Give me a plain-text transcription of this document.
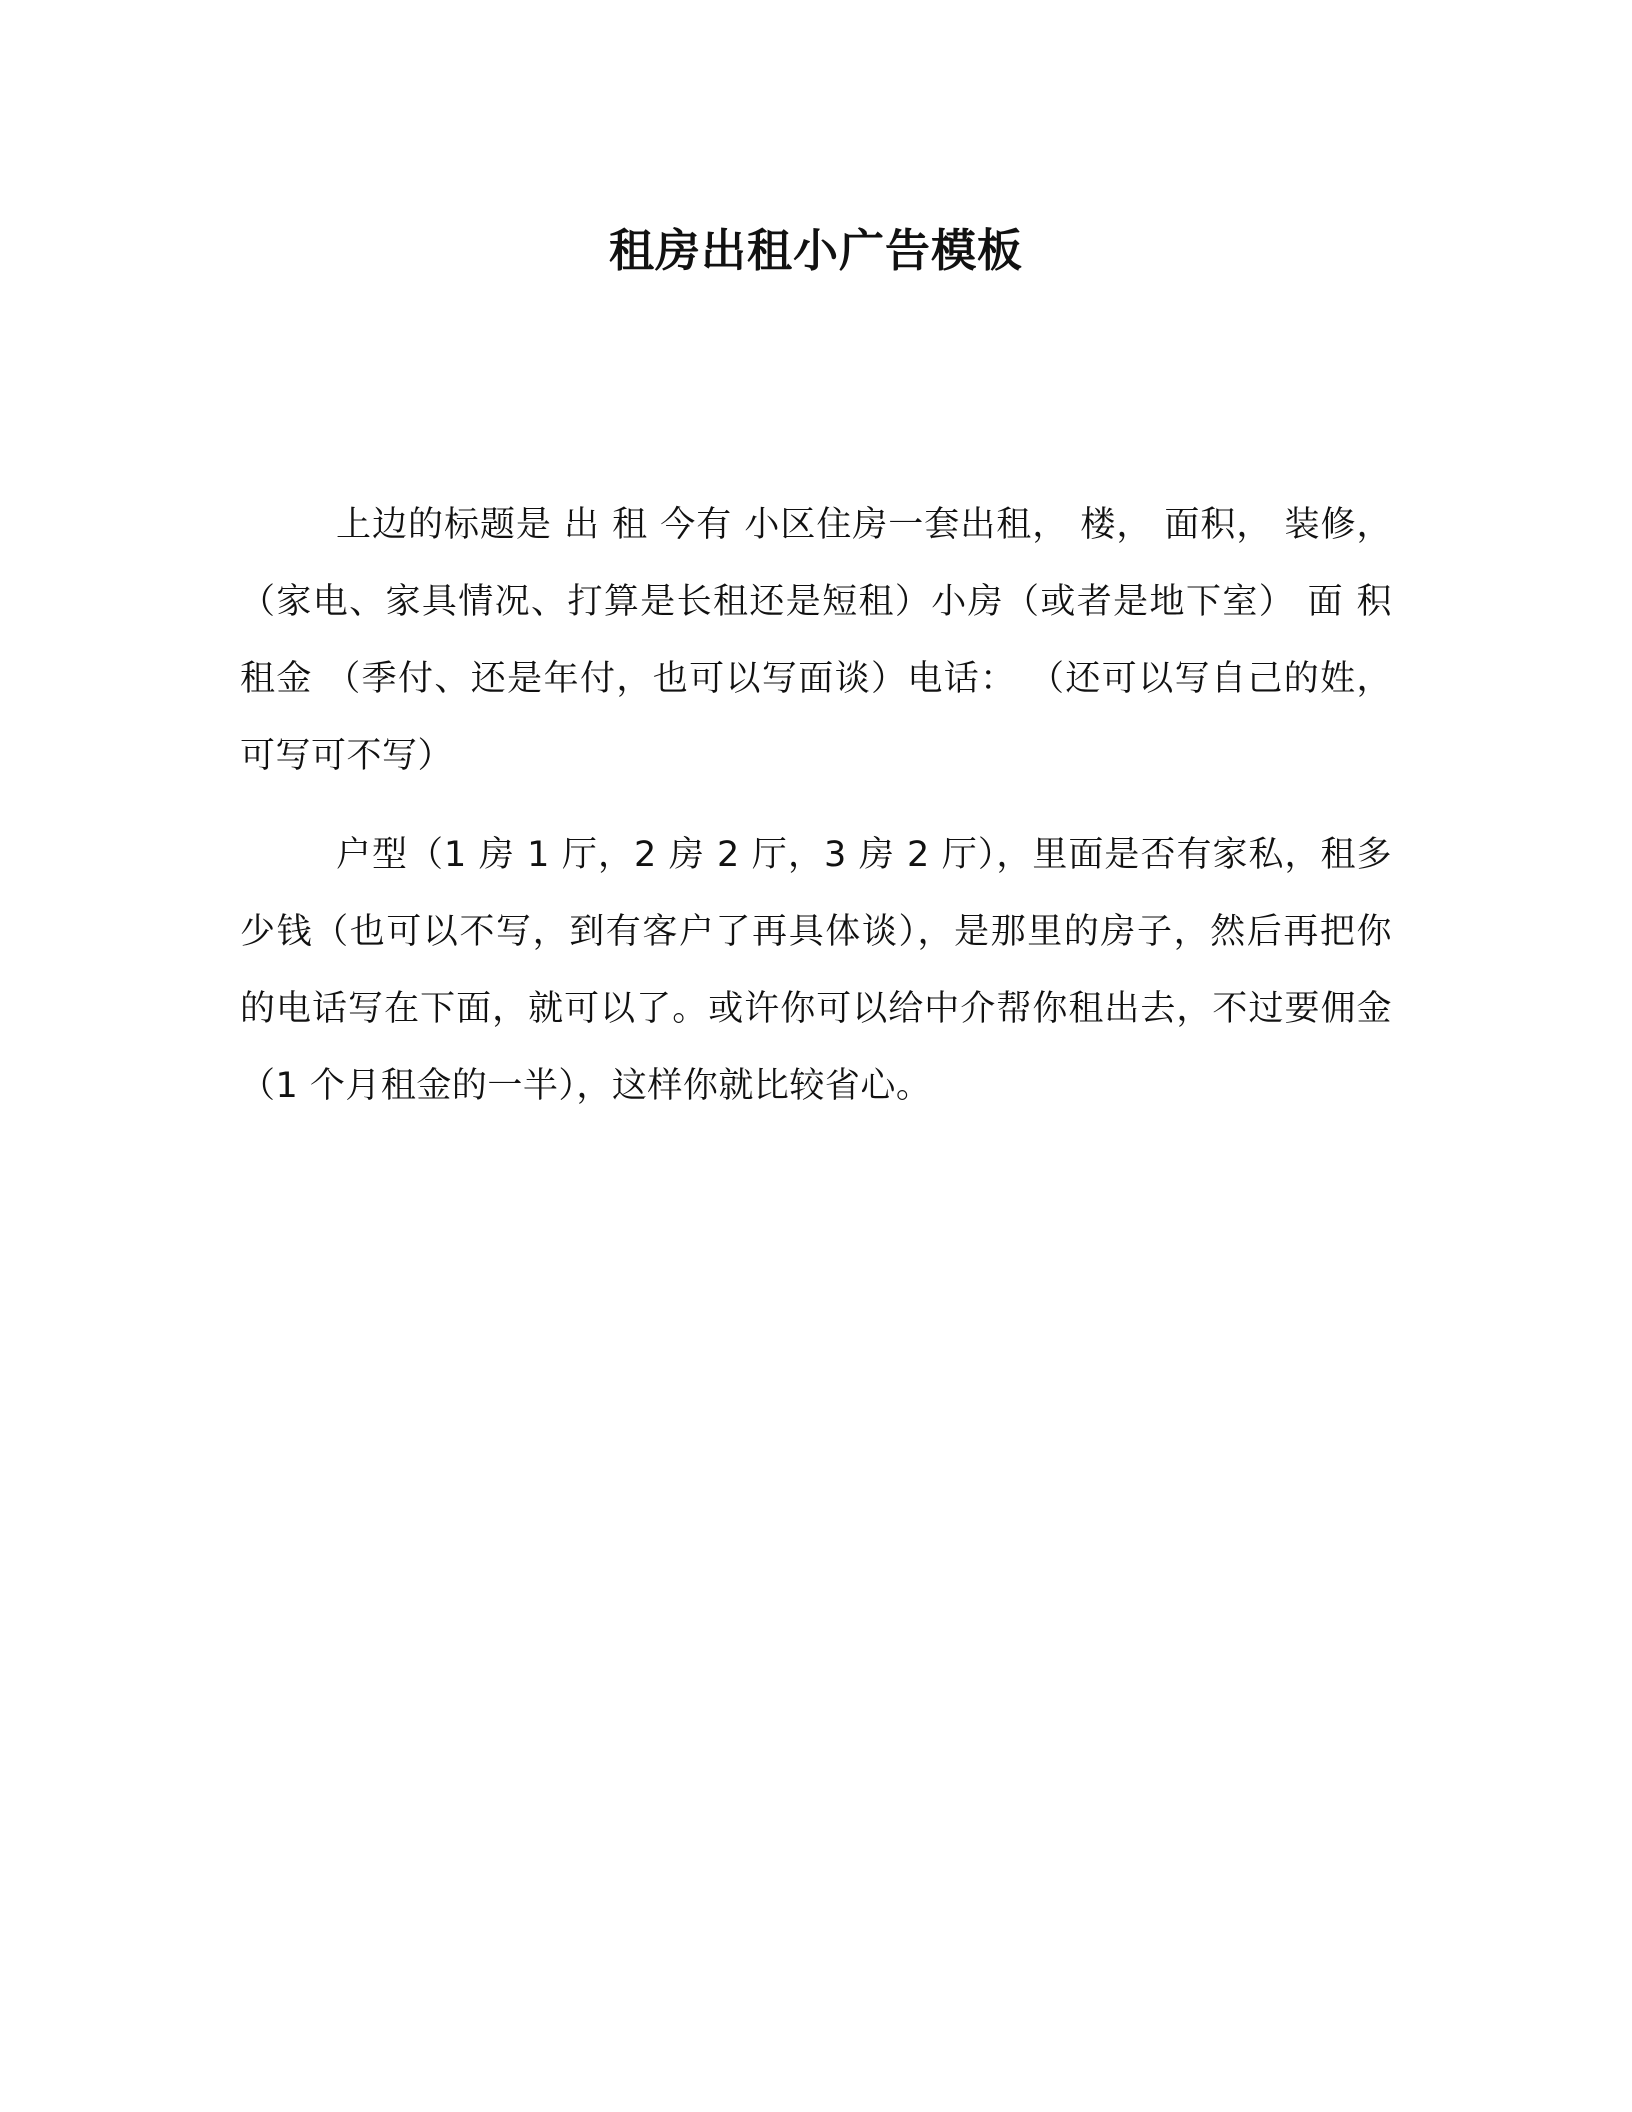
租房出租小广告模板

上边的标题是 出 租 今有 小区住房一套出租， 楼， 面积， 装修，（家电、家具情况、打算是长租还是短租）小房（或者是地下室） 面 积 租金 （季付、还是年付，也可以写面谈）电话： （还可以写自己的姓，可写可不写）

户型（1 房 1 厅，2 房 2 厅，3 房 2 厅），里面是否有家私，租多少钱（也可以不写，到有客户了再具体谈），是那里的房子，然后再把你的电话写在下面，就可以了。或许你可以给中介帮你租出去，不过要佣金（1 个月租金的一半），这样你就比较省心。
